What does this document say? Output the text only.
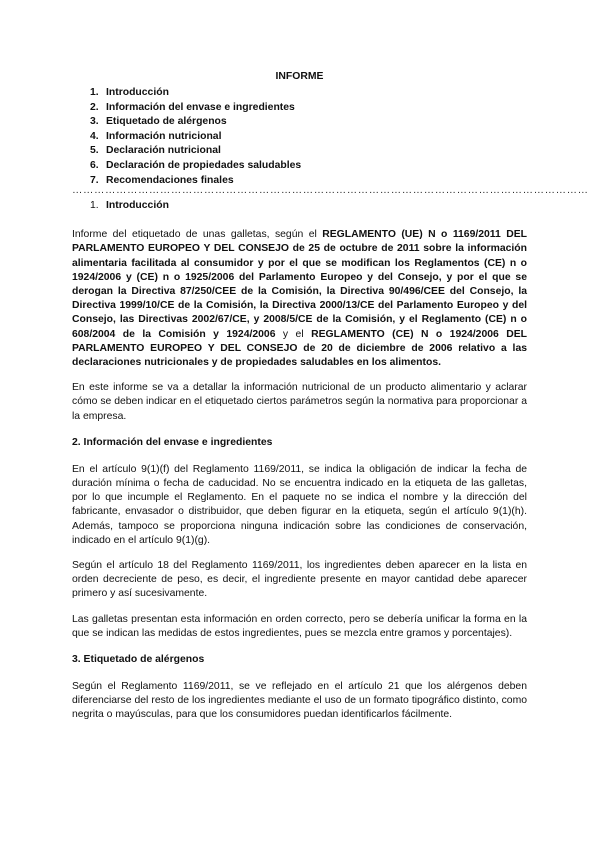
INFORME
1. Introducción
2. Información del envase e ingredientes
3. Etiquetado de alérgenos
4. Información nutricional
5. Declaración nutricional
6. Declaración de propiedades saludables
7. Recomendaciones finales
……………………………………………………………………………………………………………………………
1. Introducción

Informe del etiquetado de unas galletas, según el REGLAMENTO (UE) N o 1169/2011 DEL PARLAMENTO EUROPEO Y DEL CONSEJO de 25 de octubre de 2011 sobre la información alimentaria facilitada al consumidor y por el que se modifican los Reglamentos (CE) n o 1924/2006 y (CE) n o 1925/2006 del Parlamento Europeo y del Consejo, y por el que se derogan la Directiva 87/250/CEE de la Comisión, la Directiva 90/496/CEE del Consejo, la Directiva 1999/10/CE de la Comisión, la Directiva 2000/13/CE del Parlamento Europeo y del Consejo, las Directivas 2002/67/CE, y 2008/5/CE de la Comisión, y el Reglamento (CE) n o 608/2004 de la Comisión y 1924/2006 y el REGLAMENTO (CE) N o 1924/2006 DEL PARLAMENTO EUROPEO Y DEL CONSEJO de 20 de diciembre de 2006 relativo a las declaraciones nutricionales y de propiedades saludables en los alimentos.

En este informe se va a detallar la información nutricional de un producto alimentario y aclarar cómo se deben indicar en el etiquetado ciertos parámetros según la normativa para proporcionar a la empresa.

2. Información del envase e ingredientes

En el artículo 9(1)(f) del Reglamento 1169/2011, se indica la obligación de indicar la fecha de duración mínima o fecha de caducidad. No se encuentra indicado en la etiqueta de las galletas, por lo que incumple el Reglamento. En el paquete no se indica el nombre y la dirección del fabricante, envasador o distribuidor, que deben figurar en la etiqueta, según el artículo 9(1)(h). Además, tampoco se proporciona ninguna indicación sobre las condiciones de conservación, indicado en el artículo 9(1)(g).

Según el artículo 18 del Reglamento 1169/2011, los ingredientes deben aparecer en la lista en orden decreciente de peso, es decir, el ingrediente presente en mayor cantidad debe aparecer primero y así sucesivamente.

Las galletas presentan esta información en orden correcto, pero se debería unificar la forma en la que se indican las medidas de estos ingredientes, pues se mezcla entre gramos y porcentajes).

3. Etiquetado de alérgenos

Según el Reglamento 1169/2011, se ve reflejado en el artículo 21 que los alérgenos deben diferenciarse del resto de los ingredientes mediante el uso de un formato tipográfico distinto, como negrita o mayúsculas, para que los consumidores puedan identificarlos fácilmente.
